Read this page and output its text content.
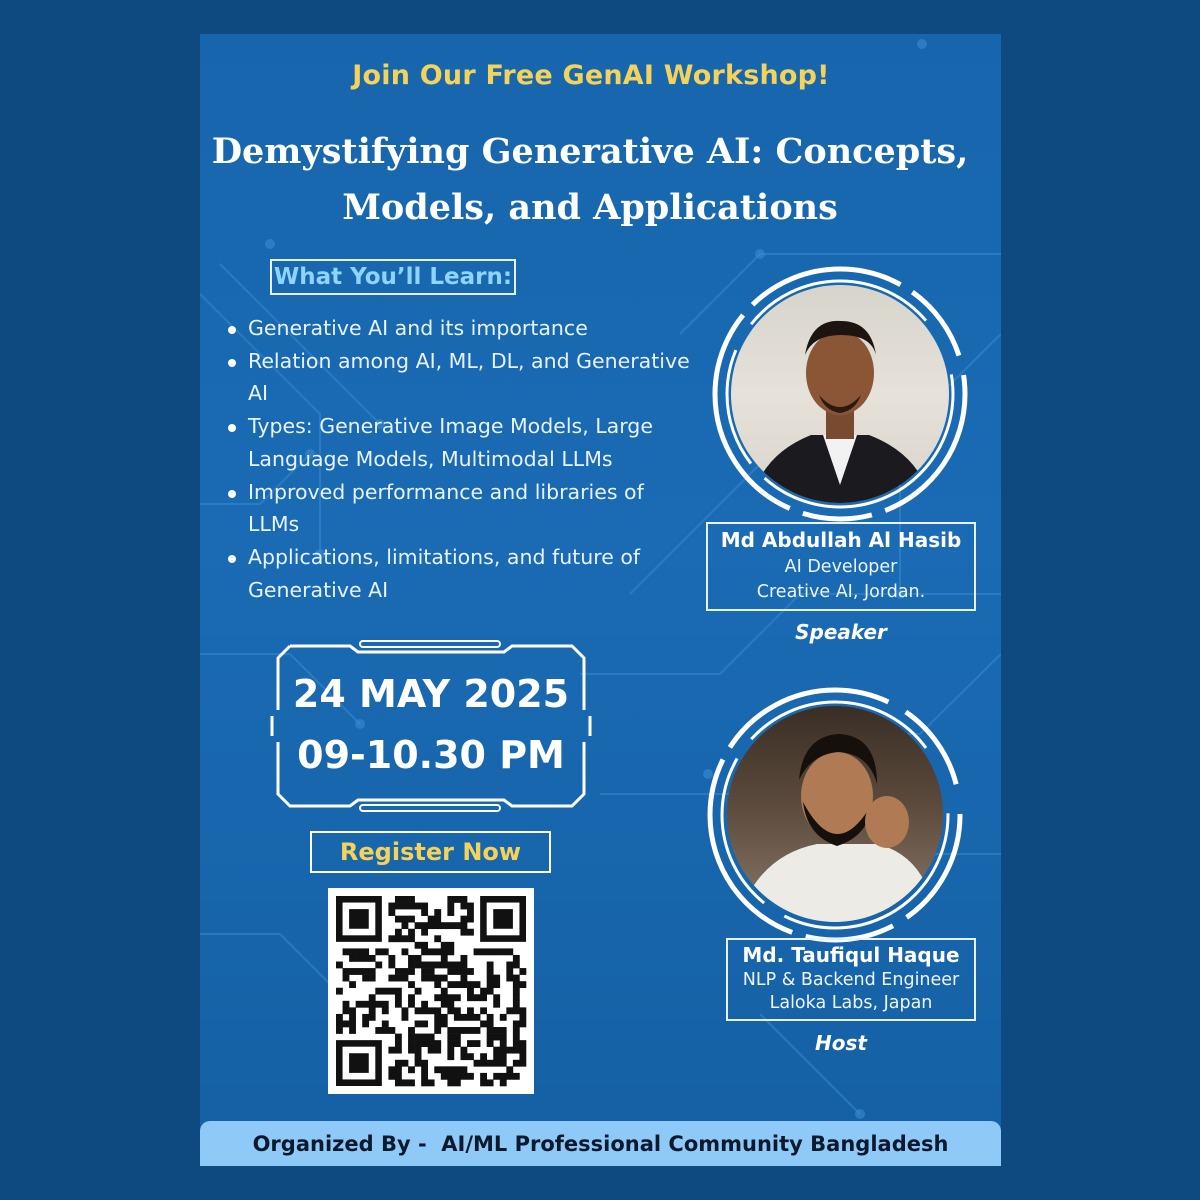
Join Our Free GenAI Workshop!
Demystifying Generative AI: Concepts,
Models, and Applications
What You’ll Learn:
Generative AI and its importance
Relation among AI, ML, DL, and Generative AI
Types: Generative Image Models, Large Language Models, Multimodal LLMs
Improved performance and libraries of LLMs
Applications, limitations, and future of Generative AI
24 MAY 2025
09-10.30 PM
Register Now
Md Abdullah Al Hasib
AI Developer
Creative AI, Jordan.
Speaker
Md. Taufiqul Haque
NLP & Backend Engineer
Laloka Labs, Japan
Host
Organized By -  AI/ML Professional Community Bangladesh
